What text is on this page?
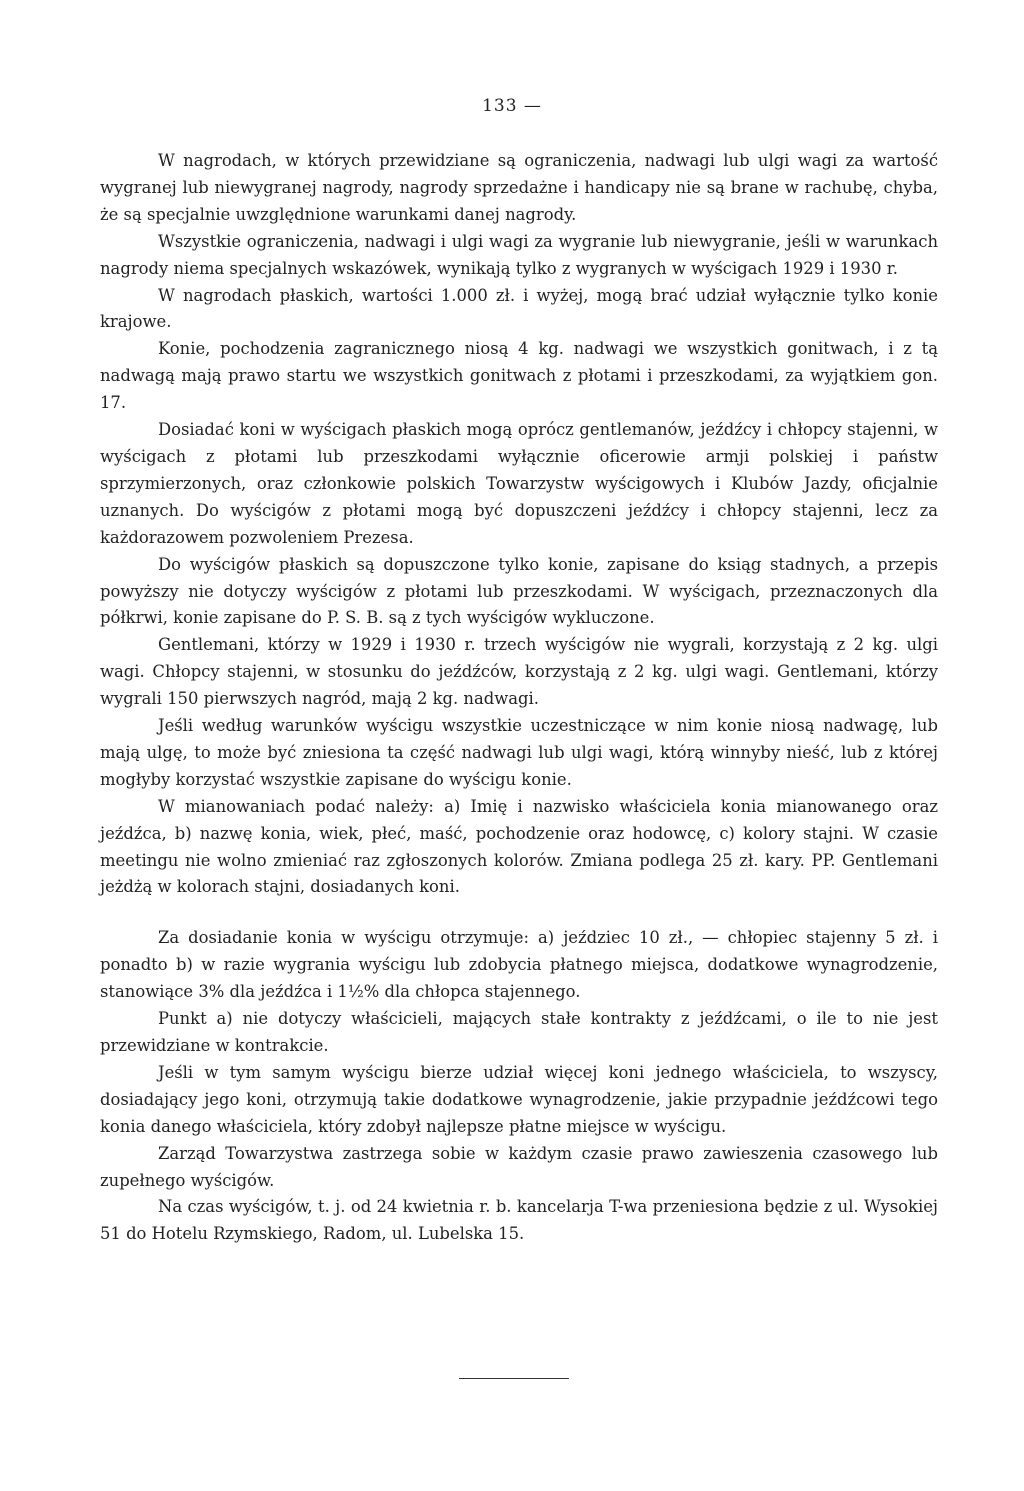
133 —

W nagrodach, w których przewidziane są ograniczenia, nadwagi lub ulgi wagi za wartość wygranej lub niewygranej nagrody, nagrody sprzedażne i handicapy nie są brane w rachubę, chyba, że są specjalnie uwzględnione warunkami danej nagrody.

Wszystkie ograniczenia, nadwagi i ulgi wagi za wygranie lub niewygranie, jeśli w warunkach nagrody niema specjalnych wskazówek, wynikają tylko z wygranych w wyścigach 1929 i 1930 r.

W nagrodach płaskich, wartości 1.000 zł. i wyżej, mogą brać udział wyłącznie tylko konie krajowe.

Konie, pochodzenia zagranicznego niosą 4 kg. nadwagi we wszystkich gonitwach, i z tą nadwagą mają prawo startu we wszystkich gonitwach z płotami i przeszkodami, za wyjątkiem gon. 17.

Dosiadać koni w wyścigach płaskich mogą oprócz gentlemanów, jeźdźcy i chłopcy stajenni, w wyścigach z płotami lub przeszkodami wyłącznie oficerowie armji polskiej i państw sprzymierzonych, oraz członkowie polskich Towarzystw wyścigowych i Klubów Jazdy, oficjalnie uznanych. Do wyścigów z płotami mogą być dopuszczeni jeźdźcy i chłopcy stajenni, lecz za każdorazowem pozwoleniem Prezesa.

Do wyścigów płaskich są dopuszczone tylko konie, zapisane do ksiąg stadnych, a przepis powyższy nie dotyczy wyścigów z płotami lub przeszkodami. W wyścigach, przeznaczonych dla półkrwi, konie zapisane do P. S. B. są z tych wyścigów wykluczone.

Gentlemani, którzy w 1929 i 1930 r. trzech wyścigów nie wygrali, korzystają z 2 kg. ulgi wagi. Chłopcy stajenni, w stosunku do jeźdźców, korzystają z 2 kg. ulgi wagi. Gentlemani, którzy wygrali 150 pierwszych nagród, mają 2 kg. nadwagi.

Jeśli według warunków wyścigu wszystkie uczestniczące w nim konie niosą nadwagę, lub mają ulgę, to może być zniesiona ta część nadwagi lub ulgi wagi, którą winnyby nieść, lub z której mogłyby korzystać wszystkie zapisane do wyścigu konie.

W mianowaniach podać należy: a) Imię i nazwisko właściciela konia mianowanego oraz jeźdźca, b) nazwę konia, wiek, płeć, maść, pochodzenie oraz hodowcę, c) kolory stajni. W czasie meetingu nie wolno zmieniać raz zgłoszonych kolorów. Zmiana podlega 25 zł. kary. PP. Gentlemani jeżdżą w kolorach stajni, dosiadanych koni.

Za dosiadanie konia w wyścigu otrzymuje: a) jeździec 10 zł., — chłopiec stajenny 5 zł. i ponadto b) w razie wygrania wyścigu lub zdobycia płatnego miejsca, dodatkowe wynagrodzenie, stanowiące 3% dla jeźdźca i 1½% dla chłopca stajennego.

Punkt a) nie dotyczy właścicieli, mających stałe kontrakty z jeźdźcami, o ile to nie jest przewidziane w kontrakcie.

Jeśli w tym samym wyścigu bierze udział więcej koni jednego właściciela, to wszyscy, dosiadający jego koni, otrzymują takie dodatkowe wynagrodzenie, jakie przypadnie jeźdźcowi tego konia danego właściciela, który zdobył najlepsze płatne miejsce w wyścigu.

Zarząd Towarzystwa zastrzega sobie w każdym czasie prawo zawieszenia czasowego lub zupełnego wyścigów.

Na czas wyścigów, t. j. od 24 kwietnia r. b. kancelarja T-wa przeniesiona będzie z ul. Wysokiej 51 do Hotelu Rzymskiego, Radom, ul. Lubelska 15.
